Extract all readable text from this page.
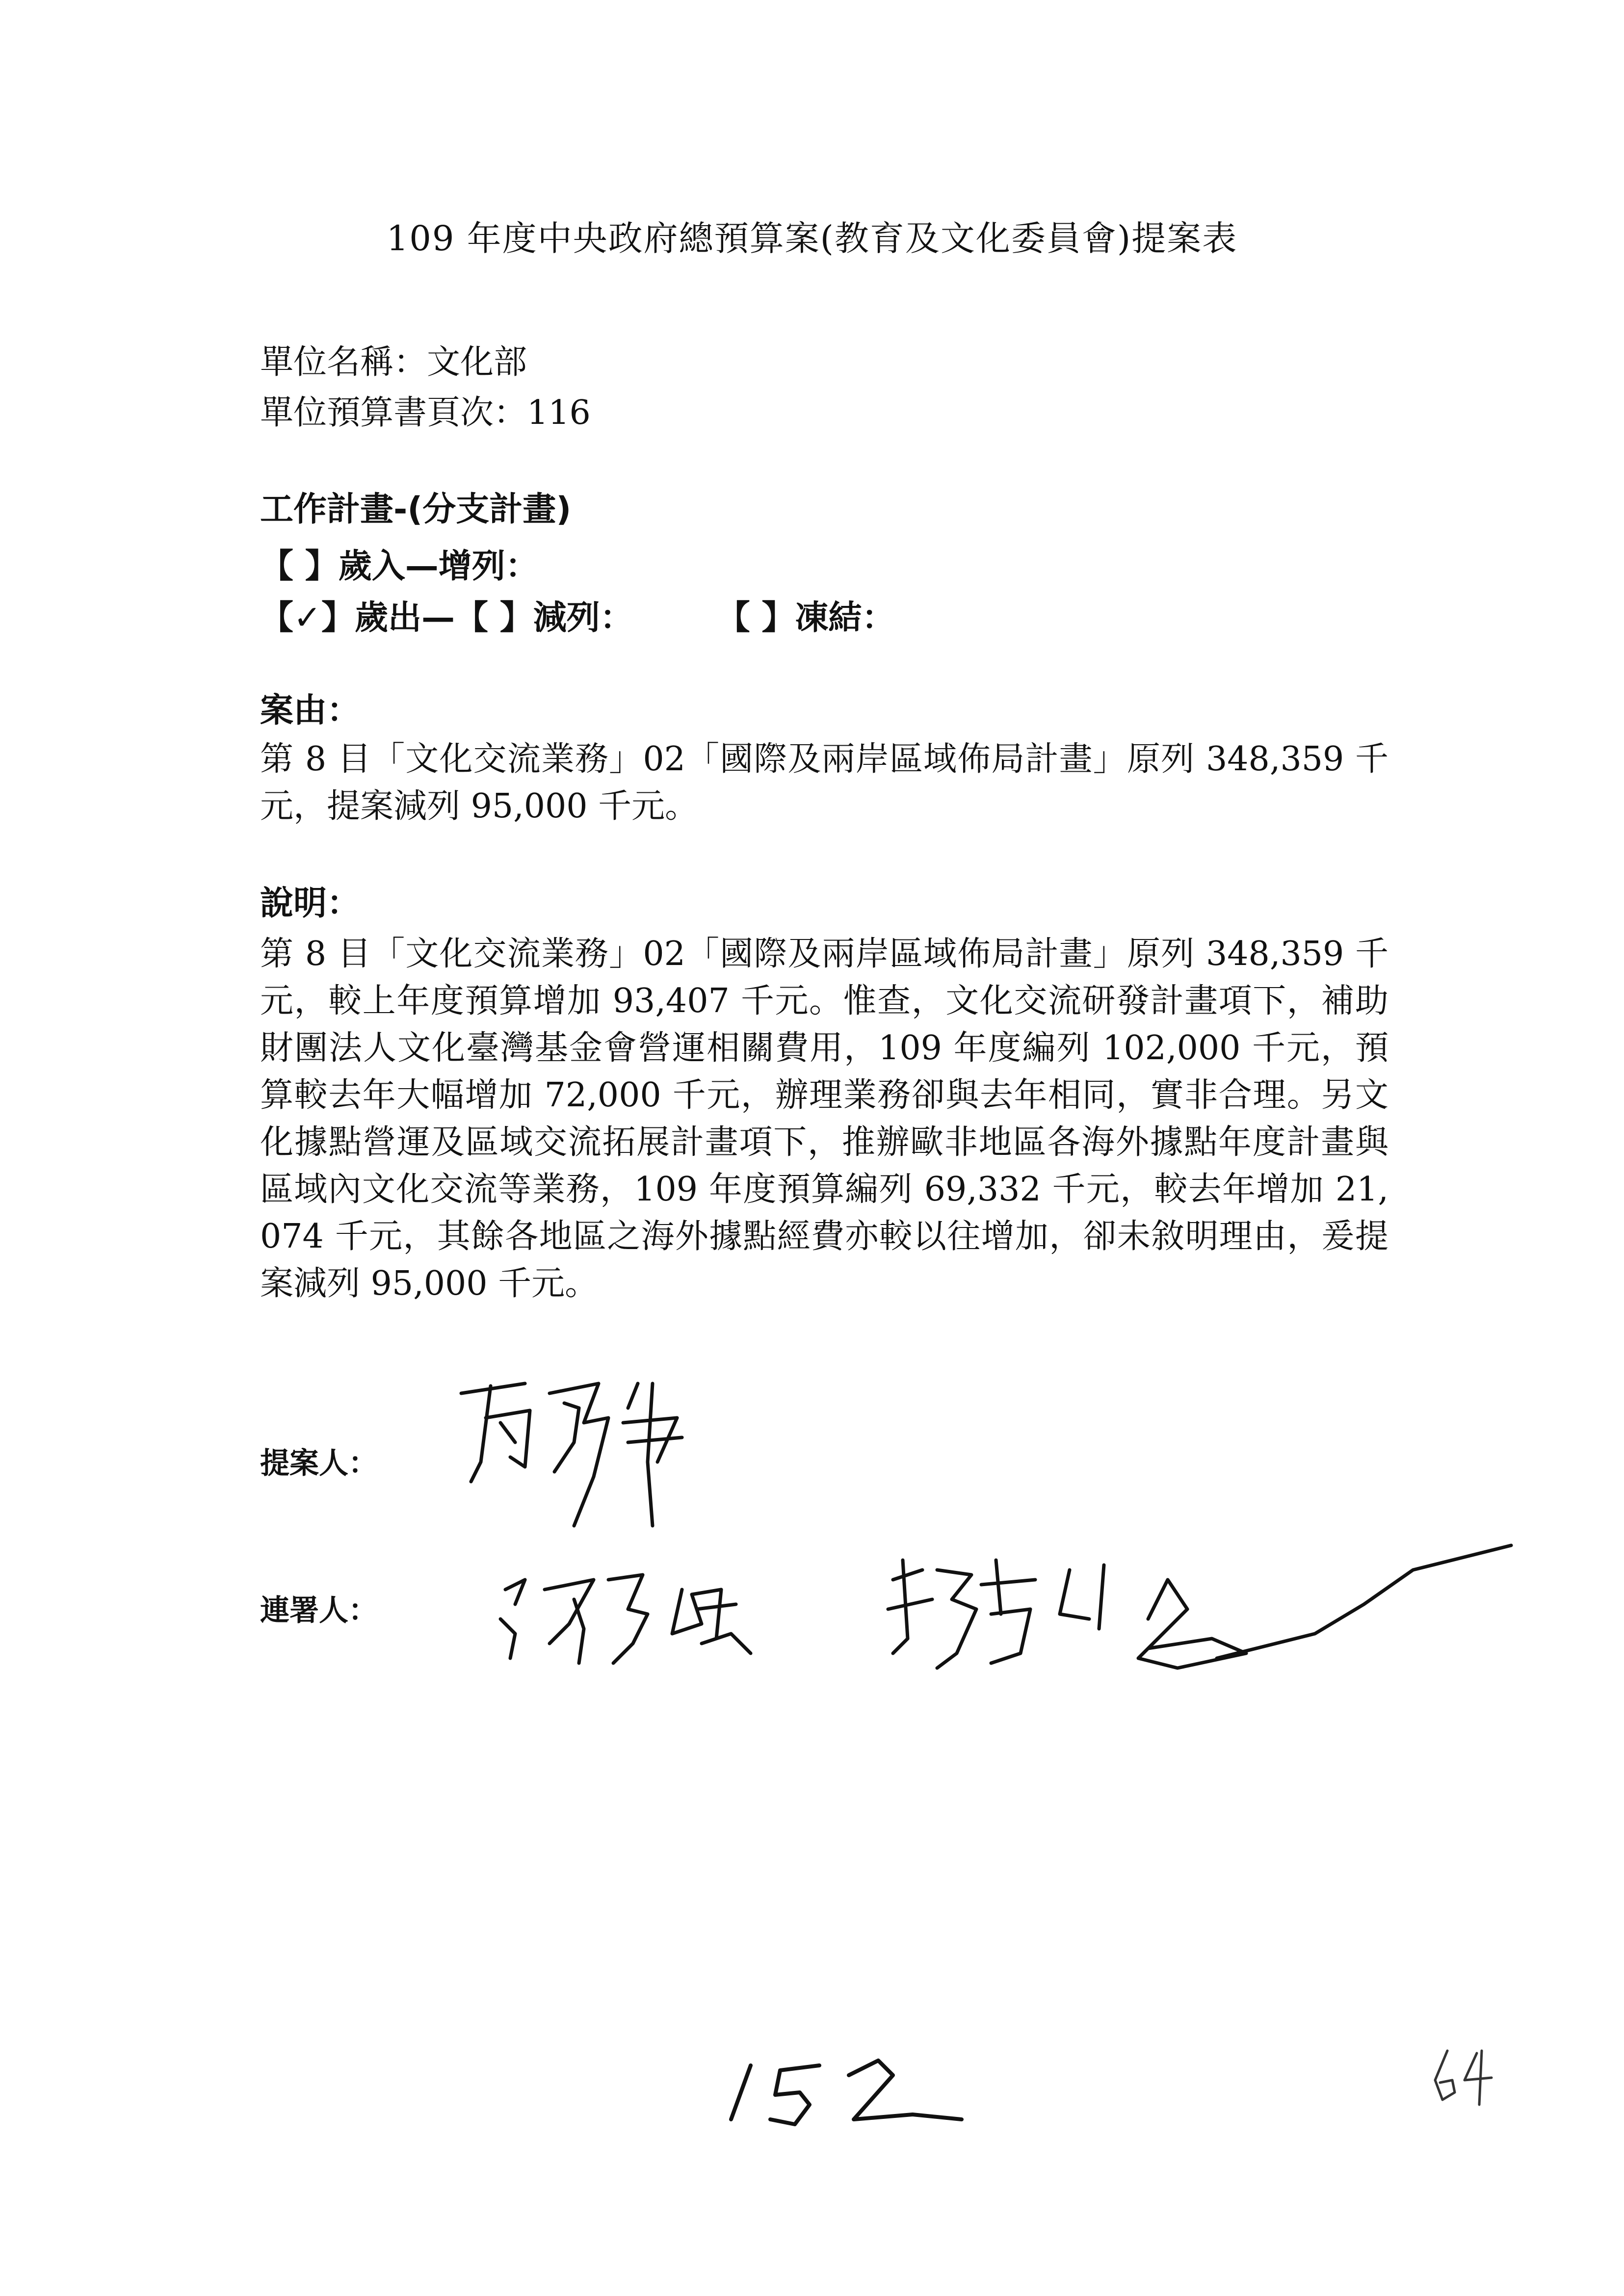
109 年度中央政府總預算案(教育及文化委員會)提案表
單位名稱：文化部
單位預算書頁次：116
工作計畫-(分支計畫)
【 】歲入—增列：
【✓】歲出—【 】減列：	【 】凍結：
案由：
第 8 目「文化交流業務」02「國際及兩岸區域佈局計畫」原列 348,359 千元，提案減列 95,000 千元。
說明：
第 8 目「文化交流業務」02「國際及兩岸區域佈局計畫」原列 348,359 千元，較上年度預算增加 93,407 千元。惟查，文化交流研發計畫項下，補助財團法人文化臺灣基金會營運相關費用，109 年度編列 102,000 千元，預算較去年大幅增加 72,000 千元，辦理業務卻與去年相同，實非合理。另文化據點營運及區域交流拓展計畫項下，推辦歐非地區各海外據點年度計畫與區域內文化交流等業務，109 年度預算編列 69,332 千元，較去年增加 21,074 千元，其餘各地區之海外據點經費亦較以往增加，卻未敘明理由，爰提案減列 95,000 千元。
提案人：
連署人：
